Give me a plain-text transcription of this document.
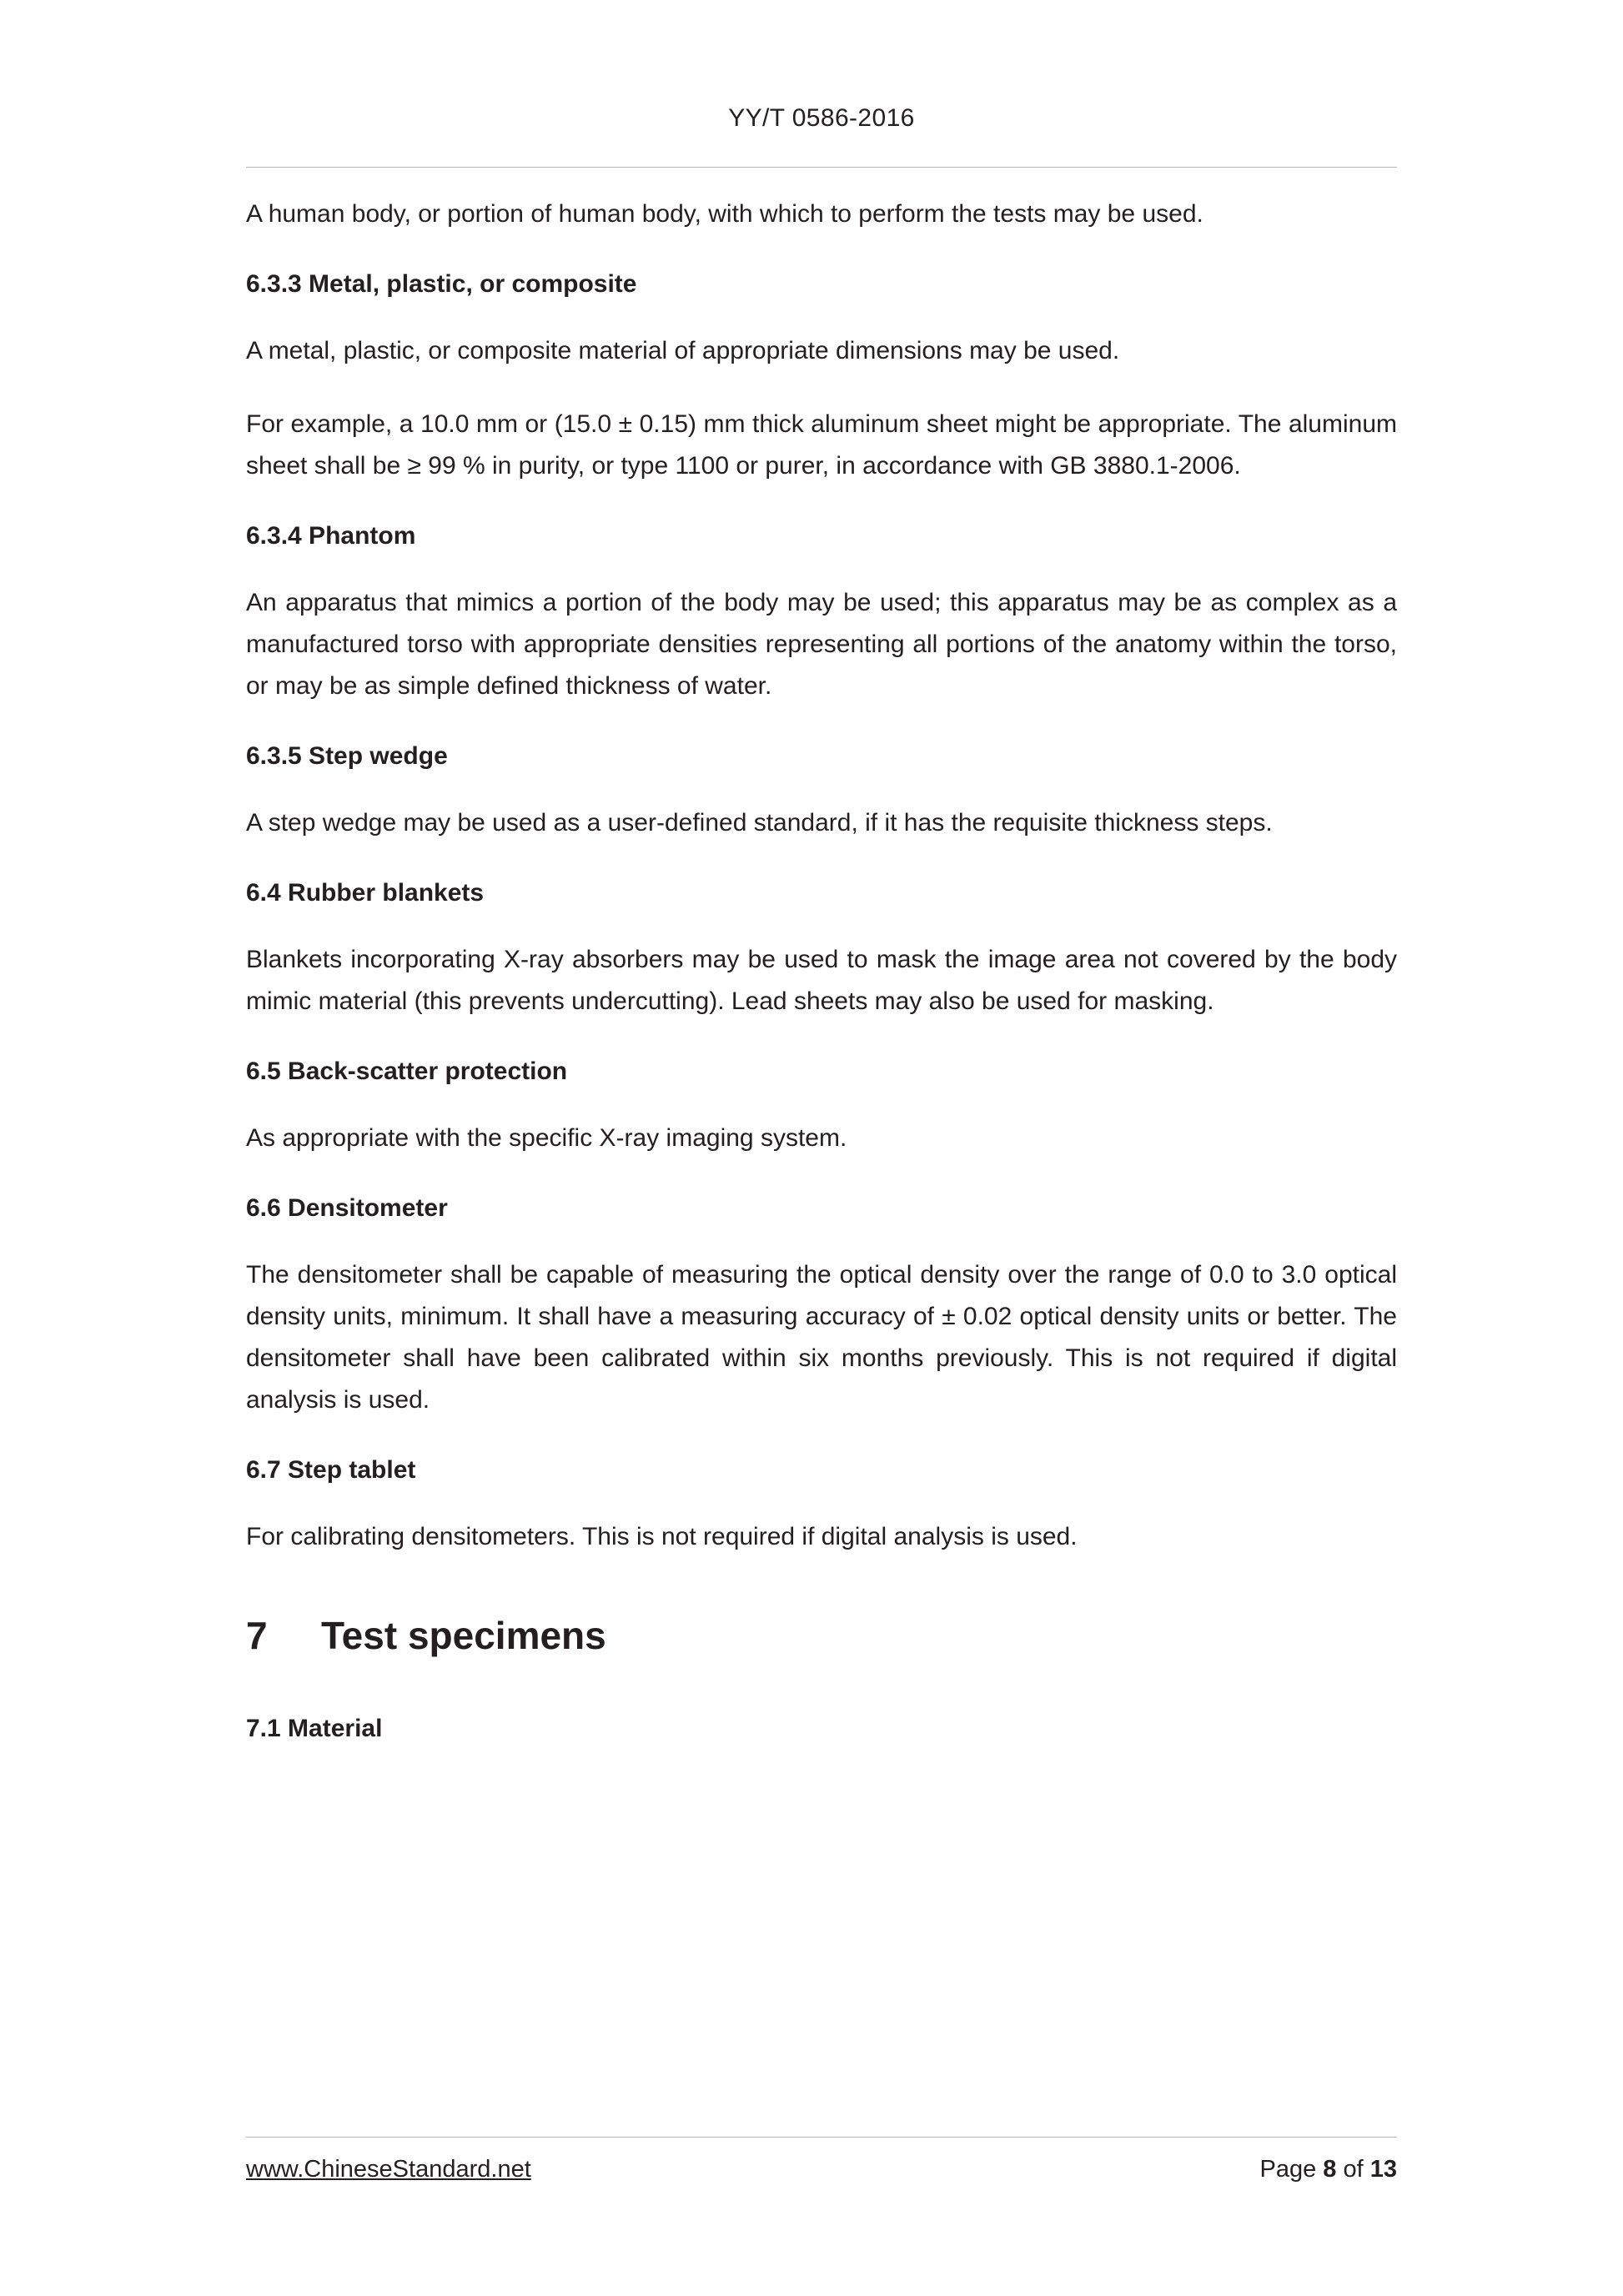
YY/T 0586-2016

A human body, or portion of human body, with which to perform the tests may be used.

6.3.3 Metal, plastic, or composite

A metal, plastic, or composite material of appropriate dimensions may be used.

For example, a 10.0 mm or (15.0 ± 0.15) mm thick aluminum sheet might be appropriate. The aluminum sheet shall be ≥ 99 % in purity, or type 1100 or purer, in accordance with GB 3880.1-2006.

6.3.4 Phantom

An apparatus that mimics a portion of the body may be used; this apparatus may be as complex as a manufactured torso with appropriate densities representing all portions of the anatomy within the torso, or may be as simple defined thickness of water.

6.3.5 Step wedge

A step wedge may be used as a user-defined standard, if it has the requisite thickness steps.

6.4 Rubber blankets

Blankets incorporating X-ray absorbers may be used to mask the image area not covered by the body mimic material (this prevents undercutting). Lead sheets may also be used for masking.

6.5 Back-scatter protection

As appropriate with the specific X-ray imaging system.

6.6 Densitometer

The densitometer shall be capable of measuring the optical density over the range of 0.0 to 3.0 optical density units, minimum. It shall have a measuring accuracy of ± 0.02 optical density units or better. The densitometer shall have been calibrated within six months previously. This is not required if digital analysis is used.

6.7 Step tablet

For calibrating densitometers. This is not required if digital analysis is used.

7 Test specimens
7.1 Material
www.ChineseStandard.net	Page 8 of 13
